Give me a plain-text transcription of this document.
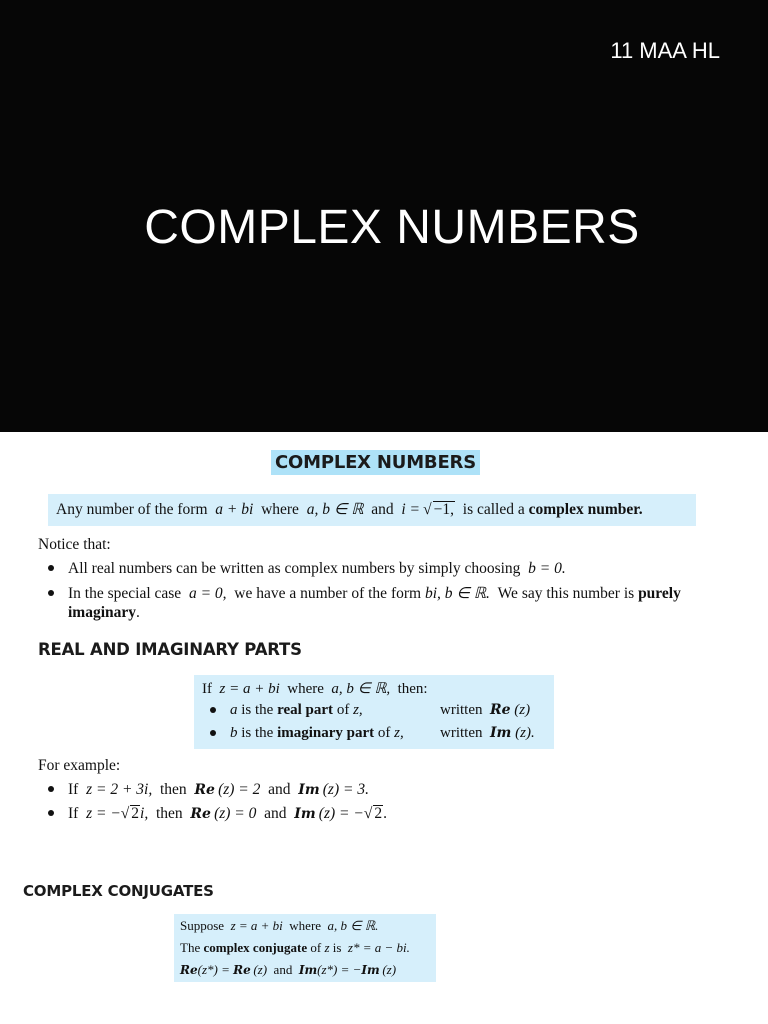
11 MAA HL
COMPLEX NUMBERS
COMPLEX NUMBERS
Any number of the form a + bi where a, b ∈ ℝ and i = √ −1, is called a complex number.
Notice that:
All real numbers can be written as complex numbers by simply choosing b = 0.
In the special case a = 0, we have a number of the form bi, b ∈ ℝ. We say this number is purely
imaginary.
REAL AND IMAGINARY PARTS
If z = a + bi where a, b ∈ ℝ, then:
a is the real part of z,	written Re (z)
b is the imaginary part of z, written Im (z).
For example:
If z = 2 + 3i, then Re  (z) = 2 and Im  (z) = 3.
If z = −√ 2i, then Re  (z) = 0 and Im  (z) = −√ 2.
COMPLEX CONJUGATES
Suppose z = a + bi where a, b ∈ ℝ.
The complex conjugate of z is z* = a − bi.
Re(z*) = Re  (z) and Im(z*) = −Im  (z)
